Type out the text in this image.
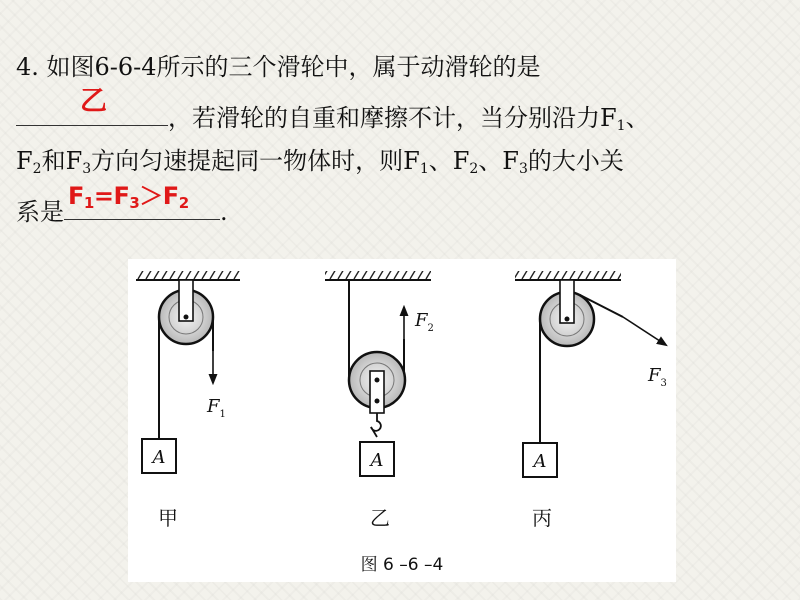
4. 如图6-6-4所示的三个滑轮中，属于动滑轮的是
乙
，若滑轮的自重和摩擦不计，当分别沿力$F_1$、
$F_2$和$F_3$方向匀速提起同一物体时，则$F_1$、$F_2$、$F_3$的大小关
系是
$F_1=F_3>F_2$ .
$F_1$
A
甲
$F_2$
A
乙
$F_3$
A
丙
图 6 –6 –4
